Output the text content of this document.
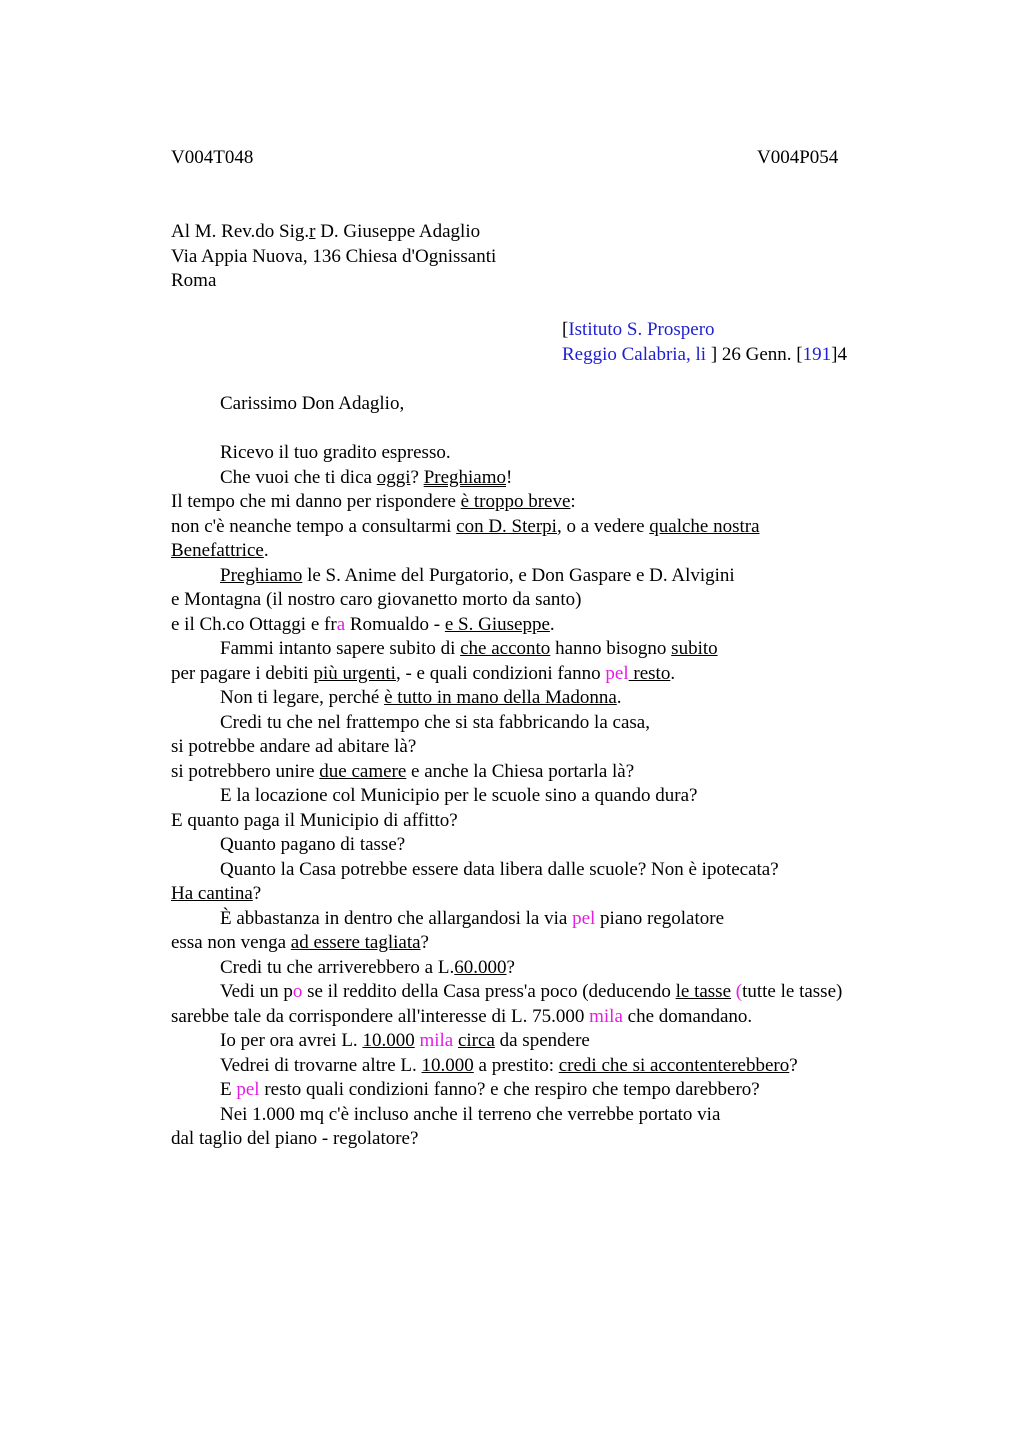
V004T048	V004P054
Al M. Rev.do Sig.r D. Giuseppe Adaglio
Via Appia Nuova, 136 Chiesa d'Ognissanti
Roma
[Istituto S. Prospero
Reggio Calabria, li ] 26 Genn. [191]4
Carissimo Don Adaglio,
Ricevo il tuo gradito espresso.
Che vuoi che ti dica oggi? Preghiamo!
Il tempo che mi danno per rispondere è troppo breve:
non c'è neanche tempo a consultarmi con D. Sterpi, o a vedere qualche nostra
Benefattrice.
Preghiamo le S. Anime del Purgatorio, e Don Gaspare e D. Alvigini
e Montagna (il nostro caro giovanetto morto da santo)
e il Ch.co Ottaggi e fra Romualdo - e S. Giuseppe.
Fammi intanto sapere subito di che acconto hanno bisogno subito
per pagare i debiti più urgenti, - e quali condizioni fanno pel resto.
Non ti legare, perché è tutto in mano della Madonna.
Credi tu che nel frattempo che si sta fabbricando la casa,
si potrebbe andare ad abitare là?
si potrebbero unire due camere e anche la Chiesa portarla là?
E la locazione col Municipio per le scuole sino a quando dura?
E quanto paga il Municipio di affitto?
Quanto pagano di tasse?
Quanto la Casa potrebbe essere data libera dalle scuole? Non è ipotecata?
Ha cantina?
È abbastanza in dentro che allargandosi la via pel piano regolatore
essa non venga ad essere tagliata?
Credi tu che arriverebbero a L.60.000?
Vedi un po se il reddito della Casa press'a poco (deducendo le tasse (tutte le tasse)
sarebbe tale da corrispondere all'interesse di L. 75.000 mila che domandano.
Io per ora avrei L. 10.000 mila circa da spendere
Vedrei di trovarne altre L. 10.000 a prestito: credi che si accontenterebbero?
E pel resto quali condizioni fanno? e che respiro che tempo darebbero?
Nei 1.000 mq c'è incluso anche il terreno che verrebbe portato via
dal taglio del piano - regolatore?
